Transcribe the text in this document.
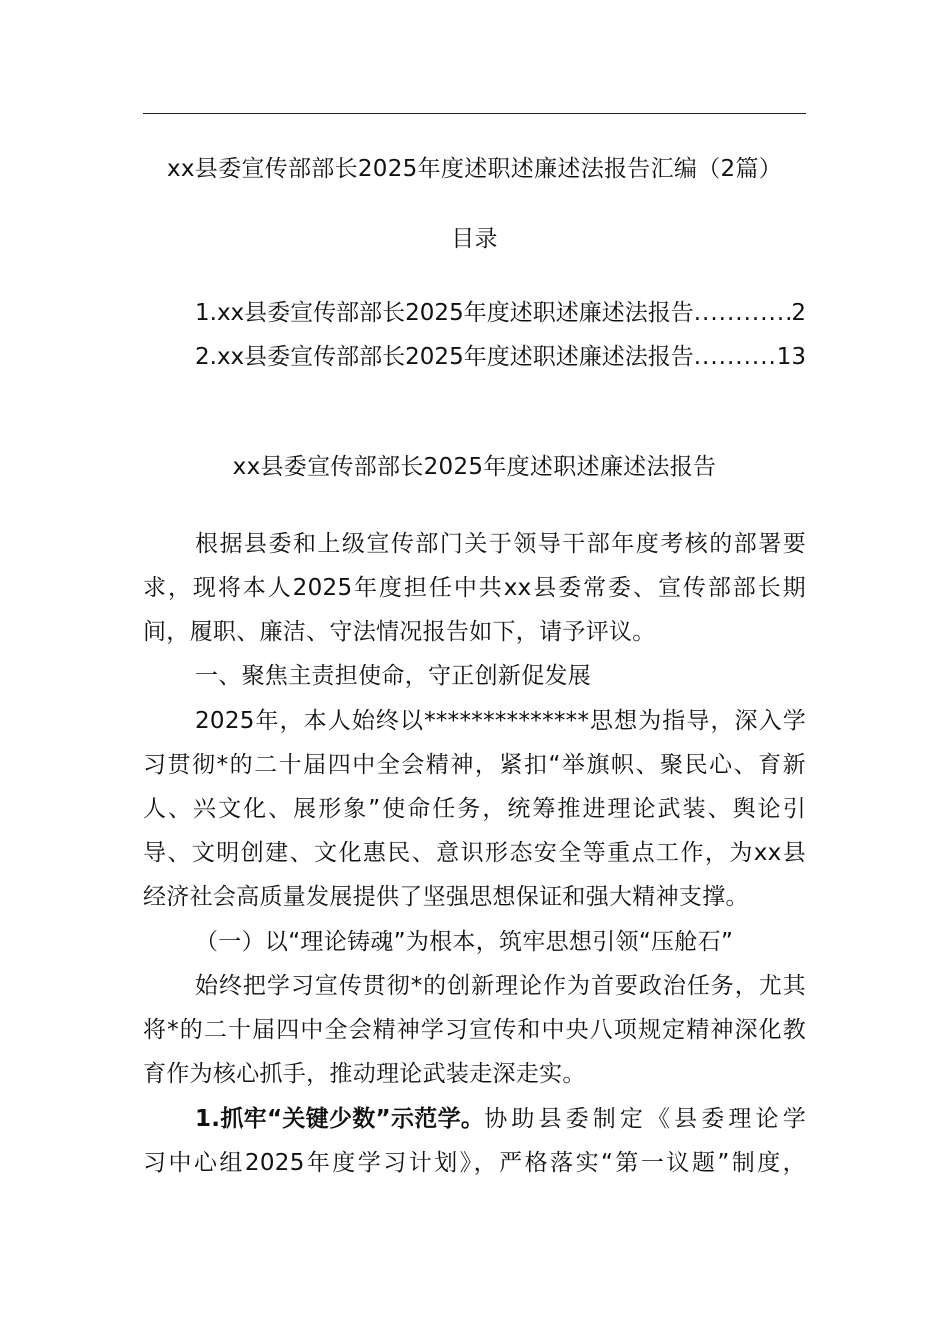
xx县委宣传部部长2025年度述职述廉述法报告汇编（2篇）
目录
1.xx县委宣传部部长2025年度述职述廉述法报告 .....	2
2.xx县委宣传部部长2025年度述职述廉述法报告 .....	13
xx县委宣传部部长2025年度述职述廉述法报告
根据县委和上级宣传部门关于领导干部年度考核的部署要
求，现将本人2025年度担任中共xx县委常委、宣传部部长期
间，履职、廉洁、守法情况报告如下，请予评议。
一、聚焦主责担使命，守正创新促发展
2025年，本人始终以**************思想为指导，深入学
习贯彻*的二十届四中全会精神，紧扣“举旗帜、聚民心、育新
人、兴文化、展形象”使命任务，统筹推进理论武装、舆论引
导、文明创建、文化惠民、意识形态安全等重点工作，为xx县
经济社会高质量发展提供了坚强思想保证和强大精神支撑。
（一）以“理论铸魂”为根本，筑牢思想引领“压舱石”
始终把学习宣传贯彻*的创新理论作为首要政治任务，尤其
将*的二十届四中全会精神学习宣传和中央八项规定精神深化教
育作为核心抓手，推动理论武装走深走实。
1.抓牢“关键少数”示范学。 协助县委制定《县委理论学
习中心组2025年度学习计划》，严格落实“第一议题”制度，
